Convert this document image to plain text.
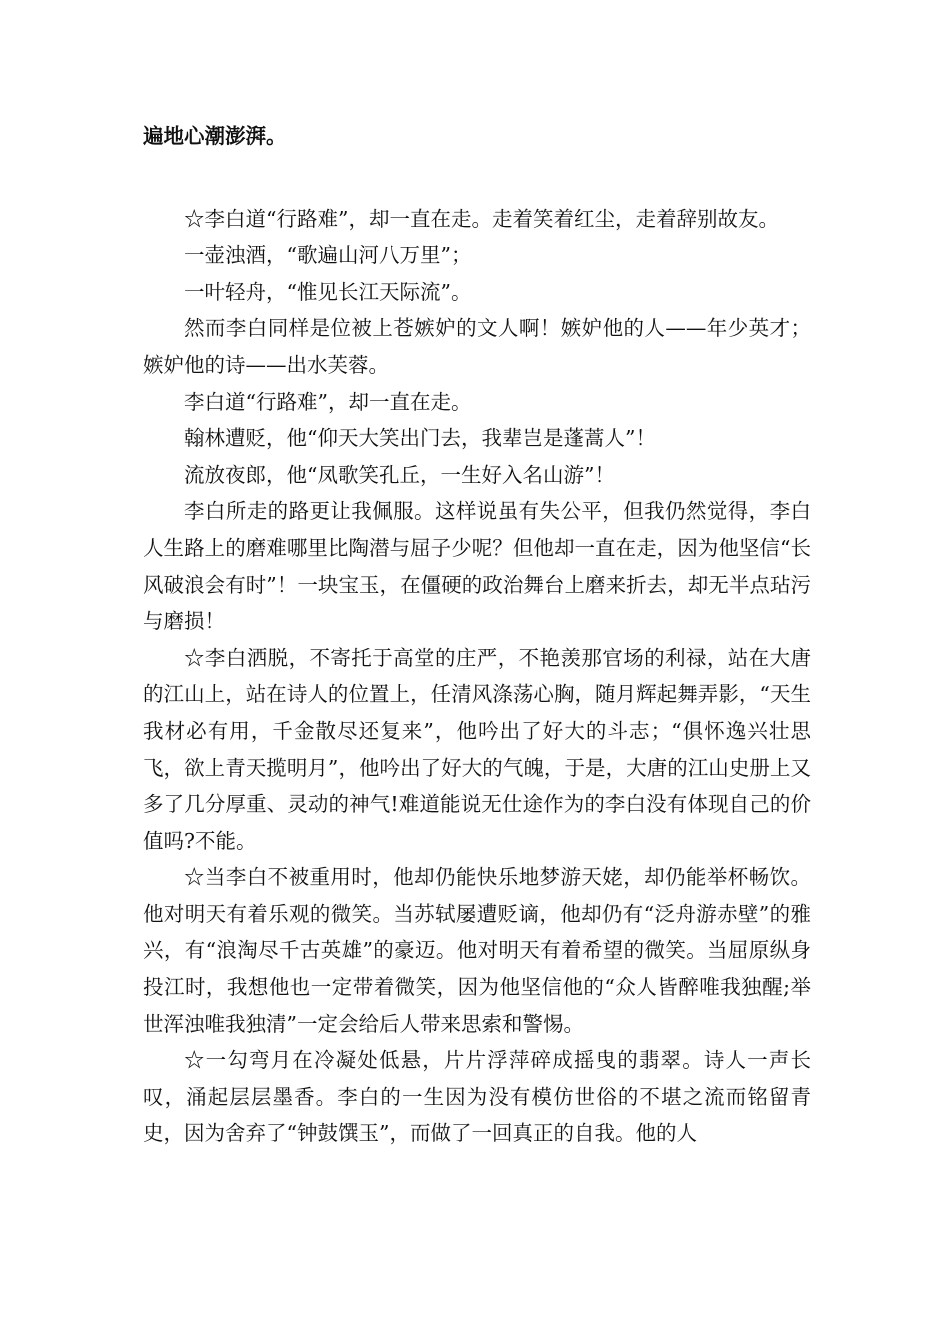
遍地心潮澎湃。

☆李白道“行路难”，却一直在走。走着笑着红尘，走着辞别故友。

一壶浊酒，“歌遍山河八万里”；

一叶轻舟，“惟见长江天际流”。

然而李白同样是位被上苍嫉妒的文人啊！嫉妒他的人——年少英才；嫉妒他的诗——出水芙蓉。

李白道“行路难”，却一直在走。

翰林遭贬，他“仰天大笑出门去，我辈岂是蓬蒿人”！

流放夜郎，他“凤歌笑孔丘，一生好入名山游”！

李白所走的路更让我佩服。这样说虽有失公平，但我仍然觉得，李白人生路上的磨难哪里比陶潜与屈子少呢？但他却一直在走，因为他坚信“长风破浪会有时”！一块宝玉，在僵硬的政治舞台上磨来折去，却无半点玷污与磨损！

☆李白洒脱，不寄托于高堂的庄严，不艳羡那官场的利禄，站在大唐的江山上，站在诗人的位置上，任清风涤荡心胸，随月辉起舞弄影，“天生我材必有用，千金散尽还复来”，他吟出了好大的斗志；“俱怀逸兴壮思飞，欲上青天揽明月”，他吟出了好大的气魄，于是，大唐的江山史册上又多了几分厚重、灵动的神气!难道能说无仕途作为的李白没有体现自己的价值吗?不能。

☆当李白不被重用时，他却仍能快乐地梦游天姥，却仍能举杯畅饮。他对明天有着乐观的微笑。当苏轼屡遭贬谪，他却仍有“泛舟游赤壁”的雅兴，有“浪淘尽千古英雄”的豪迈。他对明天有着希望的微笑。当屈原纵身投江时，我想他也一定带着微笑，因为他坚信他的“众人皆醉唯我独醒;举世浑浊唯我独清”一定会给后人带来思索和警惕。

☆一勾弯月在冷凝处低悬，片片浮萍碎成摇曳的翡翠。诗人一声长叹，涌起层层墨香。李白的一生因为没有模仿世俗的不堪之流而铭留青史，因为舍弃了“钟鼓馔玉”，而做了一回真正的自我。他的人
